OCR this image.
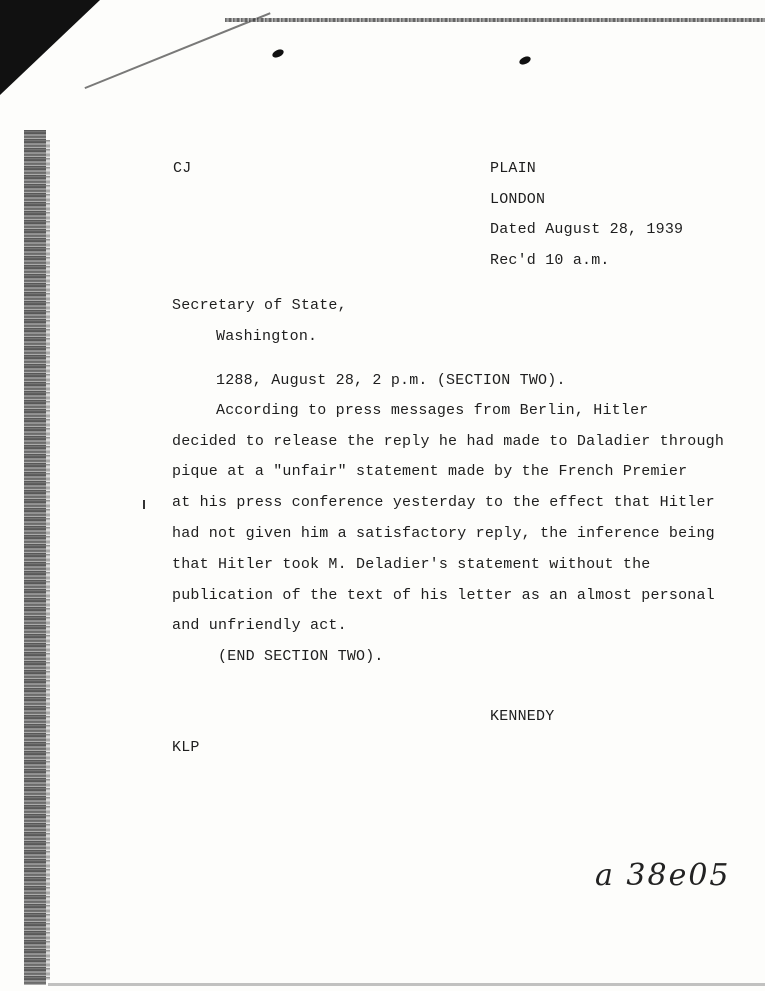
CJ	PLAIN
LONDON
Dated August 28, 1939
Rec'd 10 a.m.
Secretary of State,
Washington.
1288, August 28, 2 p.m. (SECTION TWO).
According to press messages from Berlin, Hitler
decided to release the reply he had made to Daladier through
pique at a "unfair" statement made by the French Premier
at his press conference yesterday to the effect that Hitler
had not given him a satisfactory reply, the inference being
that Hitler took M. Deladier's statement without the
publication of the text of his letter as an almost personal
and unfriendly act.
(END SECTION TWO).
KENNEDY
KLP
a 38e05
